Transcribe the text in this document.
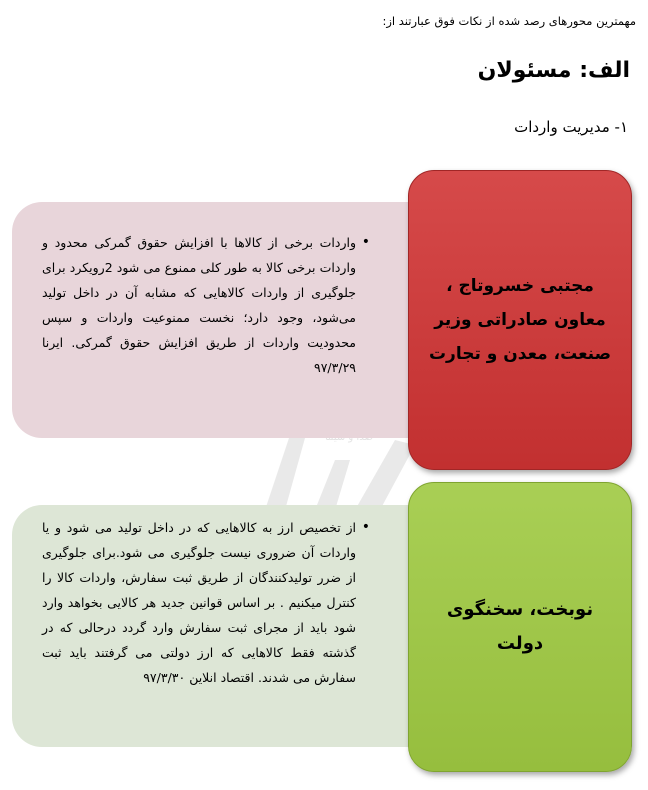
مهمترین محورهای رصد شده از نکات فوق عبارتند از:
الف: مسئولان
۱- مدیریت واردات
• واردات برخی از کالاها با افزایش حقوق گمرکی محدود و واردات برخی کالا به طور کلی ممنوع می شود 2رویکرد برای جلوگیری از واردات کالاهایی که مشابه آن در داخل تولید می‌شود، وجود دارد؛ نخست ممنوعیت واردات و سپس محدودیت واردات از طریق افزایش حقوق گمرکی. ایرنا ۹۷/۳/۲۹
مجتبی خسروتاج ، معاون صادراتی وزیر صنعت، معدن و تجارت
• از تخصیص ارز به کالاهایی که در داخل تولید می شود و یا واردات آن ضروری نیست جلوگیری می شود.برای جلوگیری از ضرر تولیدکنندگان از طریق ثبت سفارش، واردات کالا را کنترل میکنیم . بر اساس قوانین جدید هر کالایی بخواهد وارد شود باید از مجرای ثبت سفارش وارد گردد درحالی که در گذشته فقط کالاهایی که ارز دولتی می گرفتند باید ثبت سفارش می شدند. اقتصاد انلاین ۹۷/۳/۳۰
نوبخت، سخنگوی دولت
